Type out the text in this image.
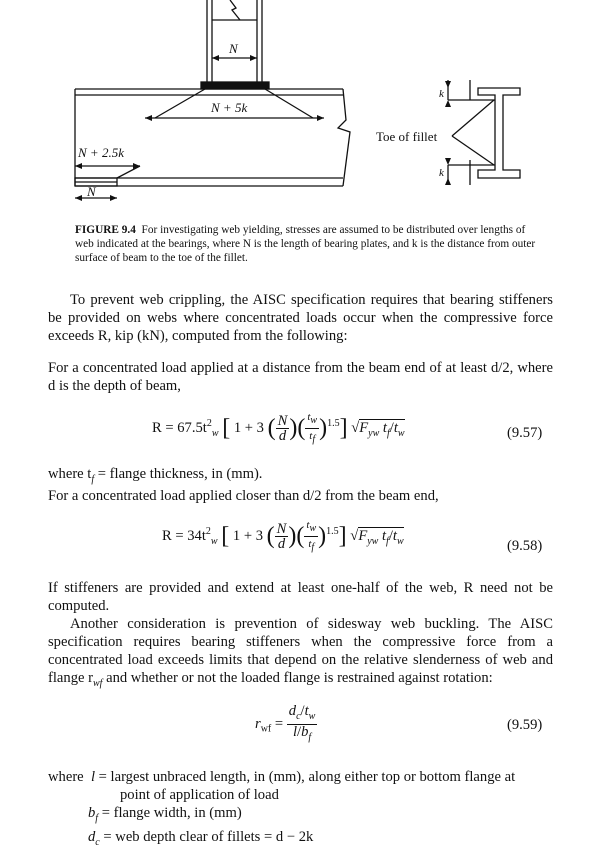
N
N + 5k
N + 2.5k
N
k
k
Toe of fillet
FIGURE 9.4 For investigating web yielding, stresses are assumed to be distributed over lengths of web indicated at the bearings, where N is the length of bearing plates, and k is the distance from outer surface of beam to the toe of the fillet.
To prevent web crippling, the AISC specification requires that bearing stiffeners be provided on webs where concentrated loads occur when the compressive force exceeds R, kip (kN), computed from the following:
For a concentrated load applied at a distance from the beam end of at least d/2, where d is the depth of beam,
$R = 67.5t^2_w$ [ 1 + 3 ( $\frac{N}{d}$ )( $\frac{t_w}{t_f} )^{1.5}$] $√F_{yw}$ $t_f/t_w$	(9.57)
where $t_f$ = flange thickness, in (mm).
For a concentrated load applied closer than d/2 from the beam end,
$R = 34t^2_w$ [ 1 + 3 ( $\frac{N}{d}$ )( $\frac{t_w}{t_f} )^{1.5}$] $√F_{yw}$ $t_f/t_w$	(9.58)
If stiffeners are provided and extend at least one-half of the web, R need not be computed.
Another consideration is prevention of sidesway web buckling. The AISC specification requires bearing stiffeners when the compressive force from a concentrated load exceeds limits that depend on the relative slenderness of web and flange $r_{wf}$ and whether or not the loaded flange is restrained against rotation:
$r_{wf} = \frac{d_c/t_w}{l/b_f}$	(9.59)
where l = largest unbraced length, in (mm), along either top or bottom flange at
point of application of load
$b_f$ = flange width, in (mm)
$d_c$ = web depth clear of fillets = d − 2k
